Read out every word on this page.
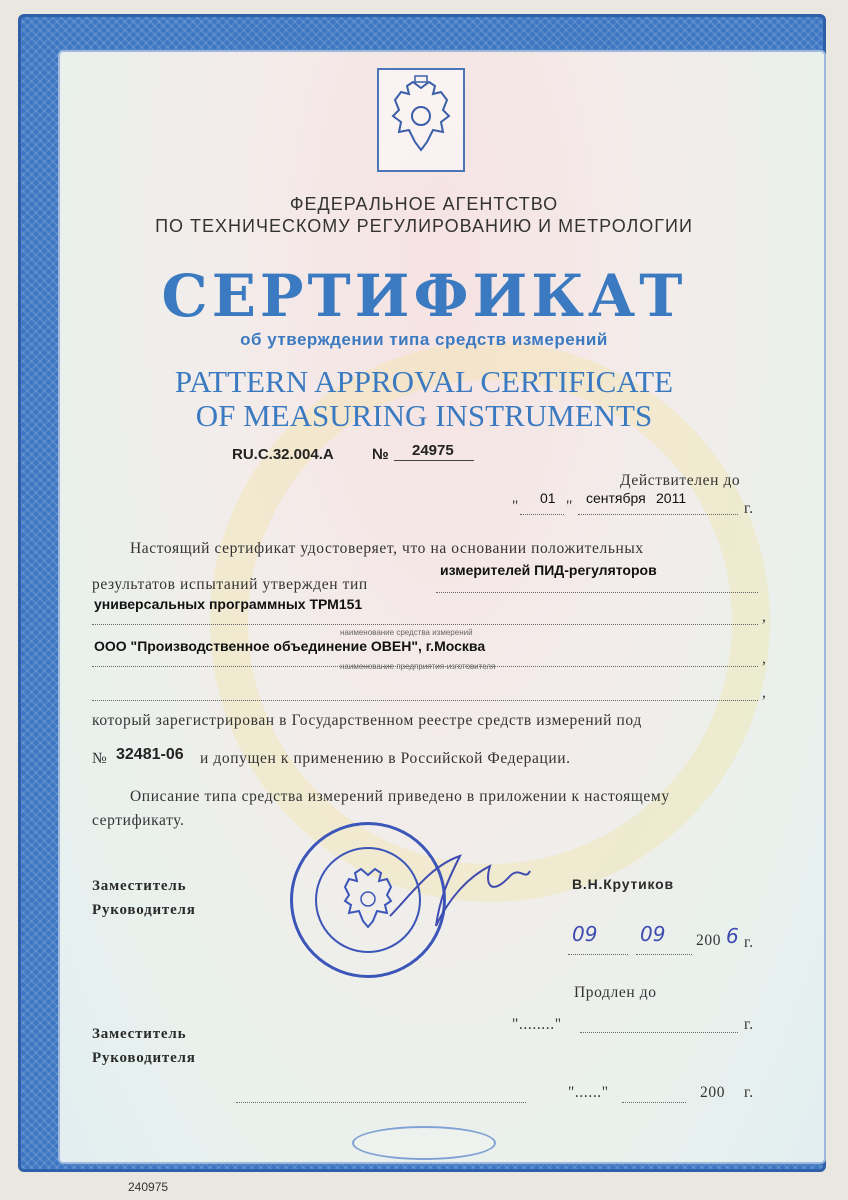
ФЕДЕРАЛЬНОЕ АГЕНТСТВО
ПО ТЕХНИЧЕСКОМУ РЕГУЛИРОВАНИЮ И МЕТРОЛОГИИ
СЕРТИФИКАТ
об утверждении типа средств измерений
PATTERN APPROVAL CERTIFICATE
OF MEASURING INSTRUMENTS
RU.C.32.004.A	№ 24975
Действителен до
"	"
01 сентября 2011
г.
Настоящий сертификат удостоверяет, что на основании положительных
результатов испытаний утвержден тип
измерителей ПИД-регуляторов
универсальных программных ТРМ151
,
наименование средства измерений
ООО "Производственное объединение ОВЕН", г.Москва
,
наименование предприятия-изготовителя
,
который зарегистрирован в Государственном реестре средств измерений под
№ 32481-06 и допущен к применению в Российской Федерации.
Описание типа средства измерений приведено в приложении к настоящему
сертификату.
Заместитель
Руководителя
В.Н.Крутиков
09 09 200 6 г.
Продлен до
"........"	г.
Заместитель
Руководителя
"......"	200 г.
240975
